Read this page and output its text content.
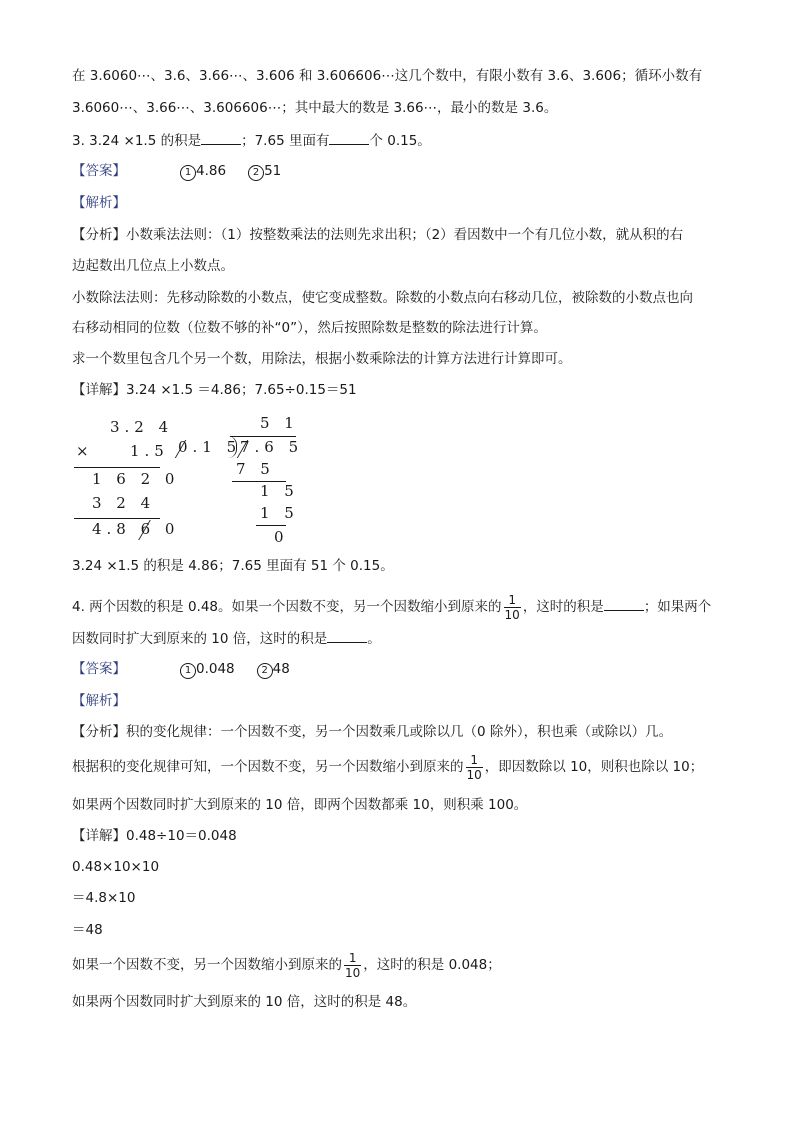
在 3.6060⋯、3.6、3.66⋯、3.606 和 3.606606⋯这几个数中，有限小数有 3.6、3.606；循环小数有
3.6060⋯、3.66⋯、3.606606⋯；其中最大的数是 3.66⋯，最小的数是 3.6。
3. 3.24 ×1.5 的积是	；7.65 里面有	个 0.15。
【答案】	1 4.86	2 51
【解析】
【分析】小数乘法法则：（1）按整数乘法的法则先求出积；（2）看因数中一个有几位小数，就从积的右
边起数出几位点上小数点。
小数除法法则：先移动除数的小数点，使它变成整数。除数的小数点向右移动几位，被除数的小数点也向
右移动相同的位数（位数不够的补“0”），然后按照除数是整数的除法进行计算。
求一个数里包含几个另一个数，用除法，根据小数乘除法的计算方法进行计算即可。
【详解】3.24 ×1.5 ＝4.86；7.65÷0.15＝51
3.2 4
× 1.5
1 6 2 0
3 2 4
4.8 6 0
5 1
0.1 5
7.6 5
7 5
1 5
1 5
0
3.24 ×1.5 的积是 4.86；7.65 里面有 51 个 0.15。
4. 两个因数的积是 0.48。如果一个因数不变，另一个因数缩小到原来的 $\frac{1}{10}$ ，这时的积是	；如果两个
因数同时扩大到原来的 10 倍，这时的积是	。
【答案】	1 0.048	2 48
【解析】
【分析】积的变化规律：一个因数不变，另一个因数乘几或除以几（0 除外），积也乘（或除以）几。
根据积的变化规律可知，一个因数不变，另一个因数缩小到原来的 $\frac{1}{10}$ ，即因数除以 10，则积也除以 10；
如果两个因数同时扩大到原来的 10 倍，即两个因数都乘 10，则积乘 100。
【详解】0.48÷10＝0.048
0.48×10×10
＝4.8×10
＝48
如果一个因数不变，另一个因数缩小到原来的 $\frac{1}{10}$ ，这时的积是 0.048；
如果两个因数同时扩大到原来的 10 倍，这时的积是 48。
